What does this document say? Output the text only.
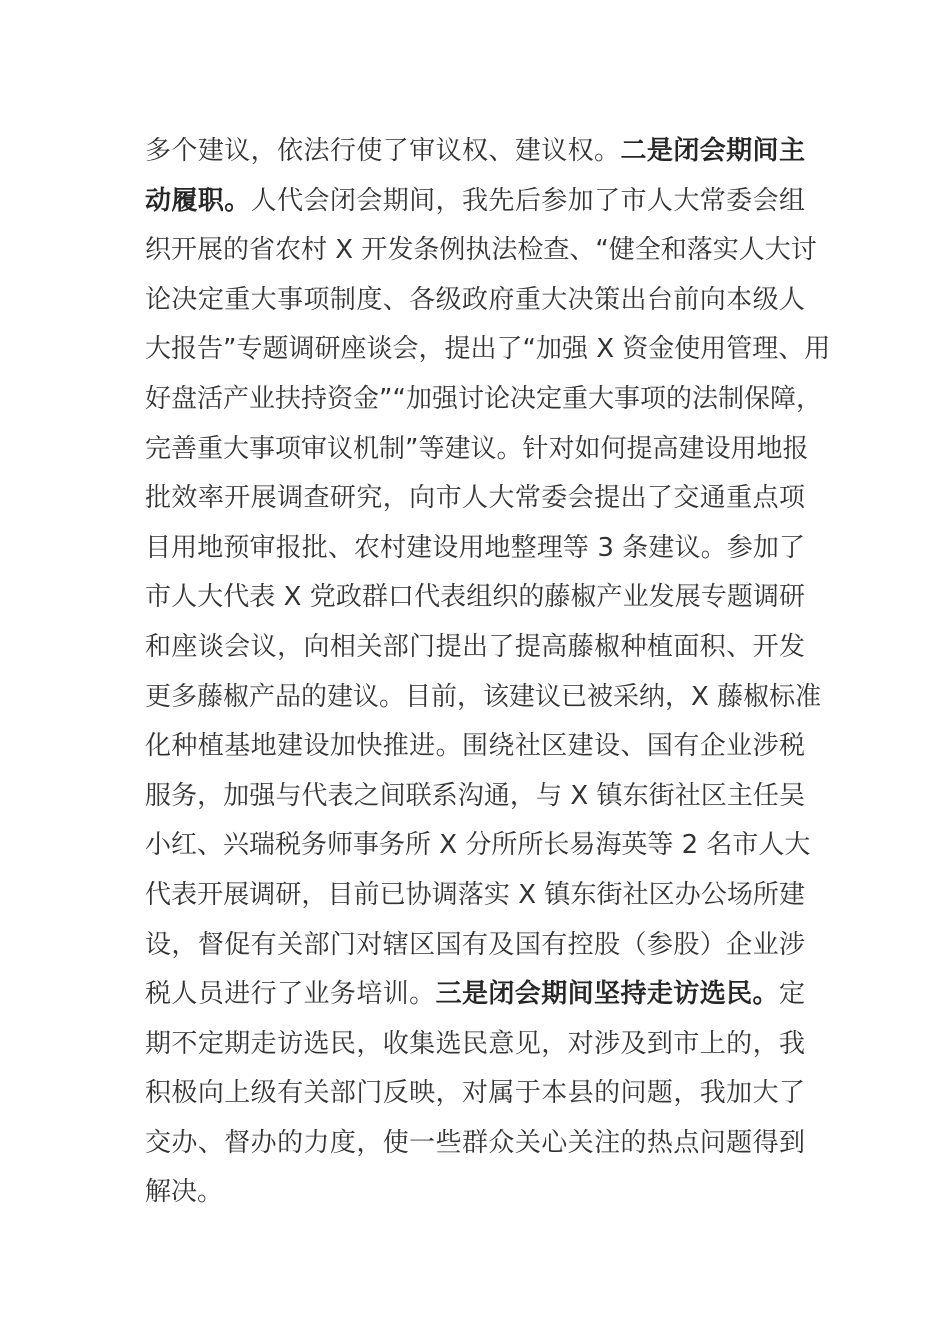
多个建议，依法行使了审议权、建议权。二是闭会期间主
动履职。人代会闭会期间，我先后参加了市人大常委会组
织开展的省农村 X 开发条例执法检查、“健全和落实人大讨
论决定重大事项制度、各级政府重大决策出台前向本级人
大报告”专题调研座谈会，提出了“加强 X 资金使用管理、用
好盘活产业扶持资金”“加强讨论决定重大事项的法制保障，
完善重大事项审议机制”等建议。针对如何提高建设用地报
批效率开展调查研究，向市人大常委会提出了交通重点项
目用地预审报批、农村建设用地整理等 3 条建议。参加了
市人大代表 X 党政群口代表组织的藤椒产业发展专题调研
和座谈会议，向相关部门提出了提高藤椒种植面积、开发
更多藤椒产品的建议。目前，该建议已被采纳，X 藤椒标准
化种植基地建设加快推进。围绕社区建设、国有企业涉税
服务，加强与代表之间联系沟通，与 X 镇东街社区主任吴
小红、兴瑞税务师事务所 X 分所所长易海英等 2 名市人大
代表开展调研，目前已协调落实 X 镇东街社区办公场所建
设，督促有关部门对辖区国有及国有控股（参股）企业涉
税人员进行了业务培训。三是闭会期间坚持走访选民。定
期不定期走访选民，收集选民意见，对涉及到市上的，我
积极向上级有关部门反映，对属于本县的问题，我加大了
交办、督办的力度，使一些群众关心关注的热点问题得到
解决。
